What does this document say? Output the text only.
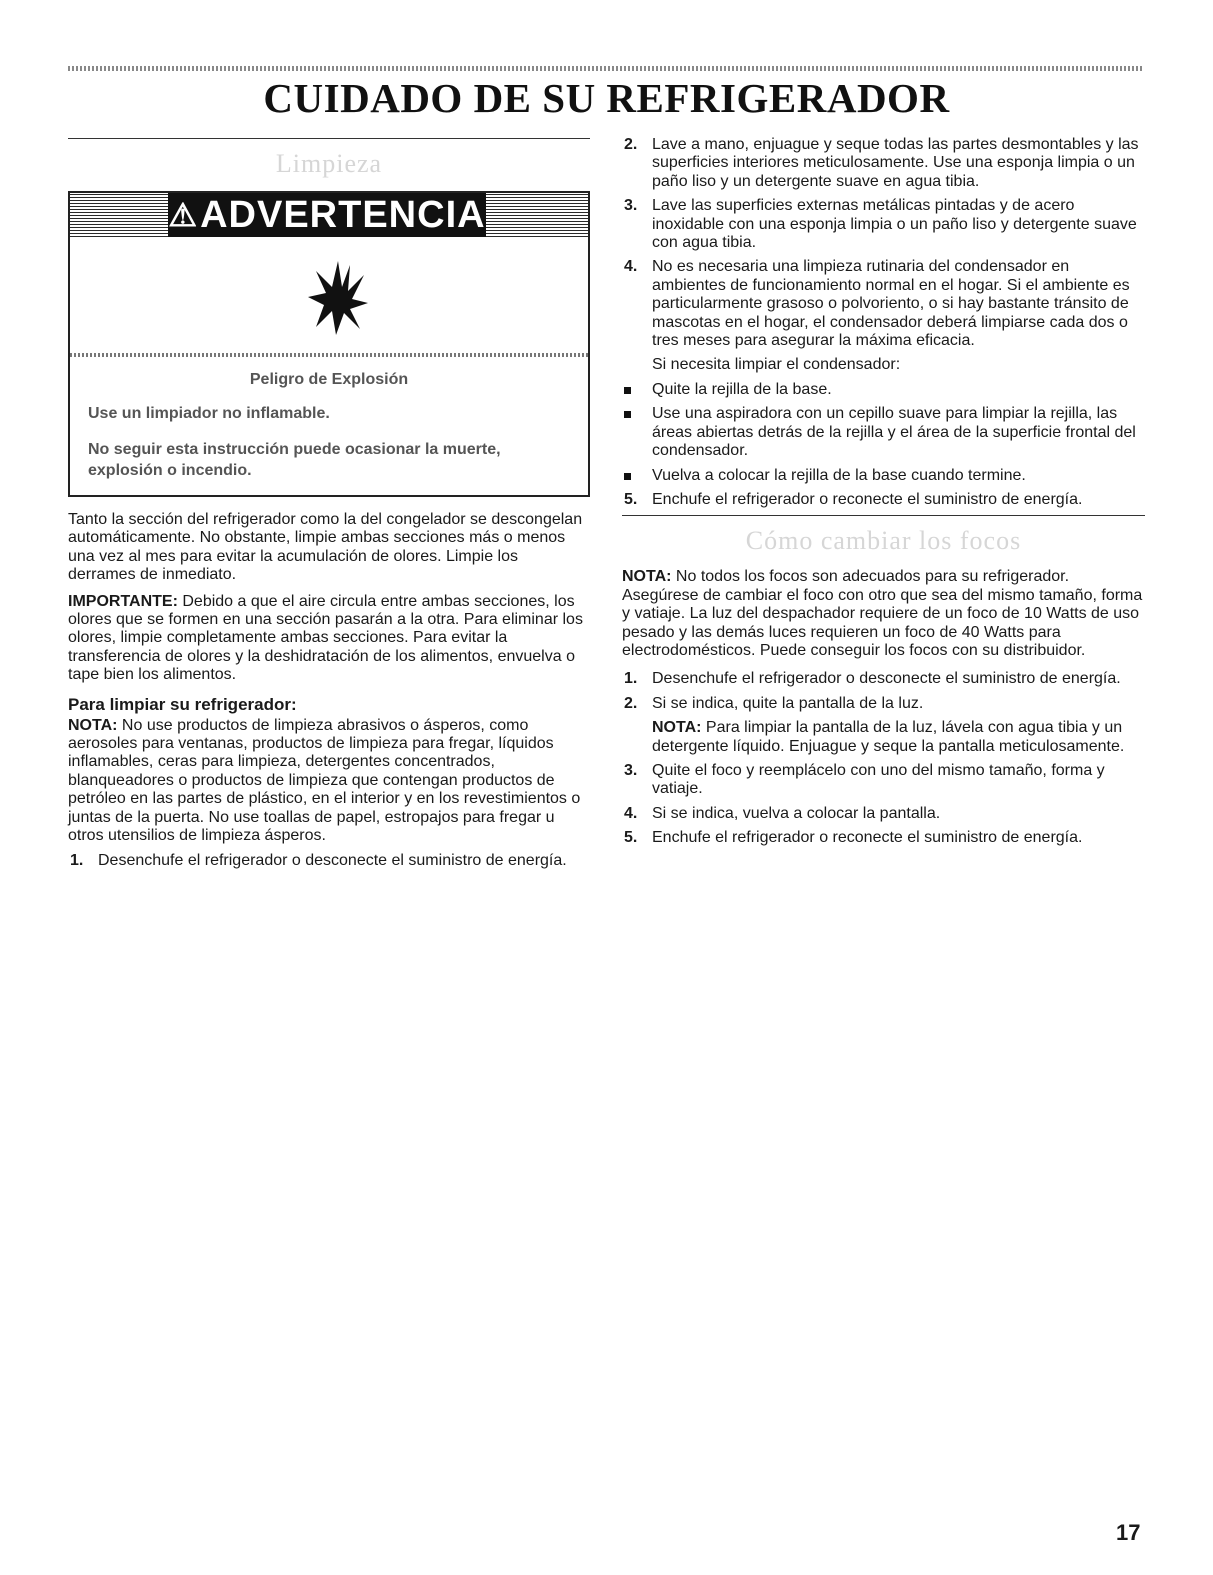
CUIDADO DE SU REFRIGERADOR
Limpieza
⚠ADVERTENCIA
Peligro de Explosión
Use un limpiador no inflamable.
No seguir esta instrucción puede ocasionar la muerte, explosión o incendio.

Tanto la sección del refrigerador como la del congelador se descongelan automáticamente. No obstante, limpie ambas secciones más o menos una vez al mes para evitar la acumulación de olores. Limpie los derrames de inmediato.

IMPORTANTE: Debido a que el aire circula entre ambas secciones, los olores que se formen en una sección pasarán a la otra. Para eliminar los olores, limpie completamente ambas secciones. Para evitar la transferencia de olores y la deshidratación de los alimentos, envuelva o tape bien los alimentos.

Para limpiar su refrigerador:

NOTA: No use productos de limpieza abrasivos o ásperos, como aerosoles para ventanas, productos de limpieza para fregar, líquidos inflamables, ceras para limpieza, detergentes concentrados, blanqueadores o productos de limpieza que contengan productos de petróleo en las partes de plástico, en el interior y en los revestimientos o juntas de la puerta. No use toallas de papel, estropajos para fregar u otros utensilios de limpieza ásperos.

1. Desenchufe el refrigerador o desconecte el suministro de energía.
2. Lave a mano, enjuague y seque todas las partes desmontables y las superficies interiores meticulosamente. Use una esponja limpia o un paño liso y un detergente suave en agua tibia.
3. Lave las superficies externas metálicas pintadas y de acero inoxidable con una esponja limpia o un paño liso y detergente suave con agua tibia.
4. No es necesaria una limpieza rutinaria del condensador en ambientes de funcionamiento normal en el hogar. Si el ambiente es particularmente grasoso o polvoriento, o si hay bastante tránsito de mascotas en el hogar, el condensador deberá limpiarse cada dos o tres meses para asegurar la máxima eficacia.

Si necesita limpiar el condensador:

Quite la rejilla de la base.
Use una aspiradora con un cepillo suave para limpiar la rejilla, las áreas abiertas detrás de la rejilla y el área de la superficie frontal del condensador.
Vuelva a colocar la rejilla de la base cuando termine.
5. Enchufe el refrigerador o reconecte el suministro de energía.
Cómo cambiar los focos

NOTA: No todos los focos son adecuados para su refrigerador. Asegúrese de cambiar el foco con otro que sea del mismo tamaño, forma y vatiaje. La luz del despachador requiere de un foco de 10 Watts de uso pesado y las demás luces requieren un foco de 40 Watts para electrodomésticos. Puede conseguir los focos con su distribuidor.

1. Desenchufe el refrigerador o desconecte el suministro de energía.
2. Si se indica, quite la pantalla de la luz.

NOTA: Para limpiar la pantalla de la luz, lávela con agua tibia y un detergente líquido. Enjuague y seque la pantalla meticulosamente.

3. Quite el foco y reemplácelo con uno del mismo tamaño, forma y vatiaje.
4. Si se indica, vuelva a colocar la pantalla.
5. Enchufe el refrigerador o reconecte el suministro de energía.

17
